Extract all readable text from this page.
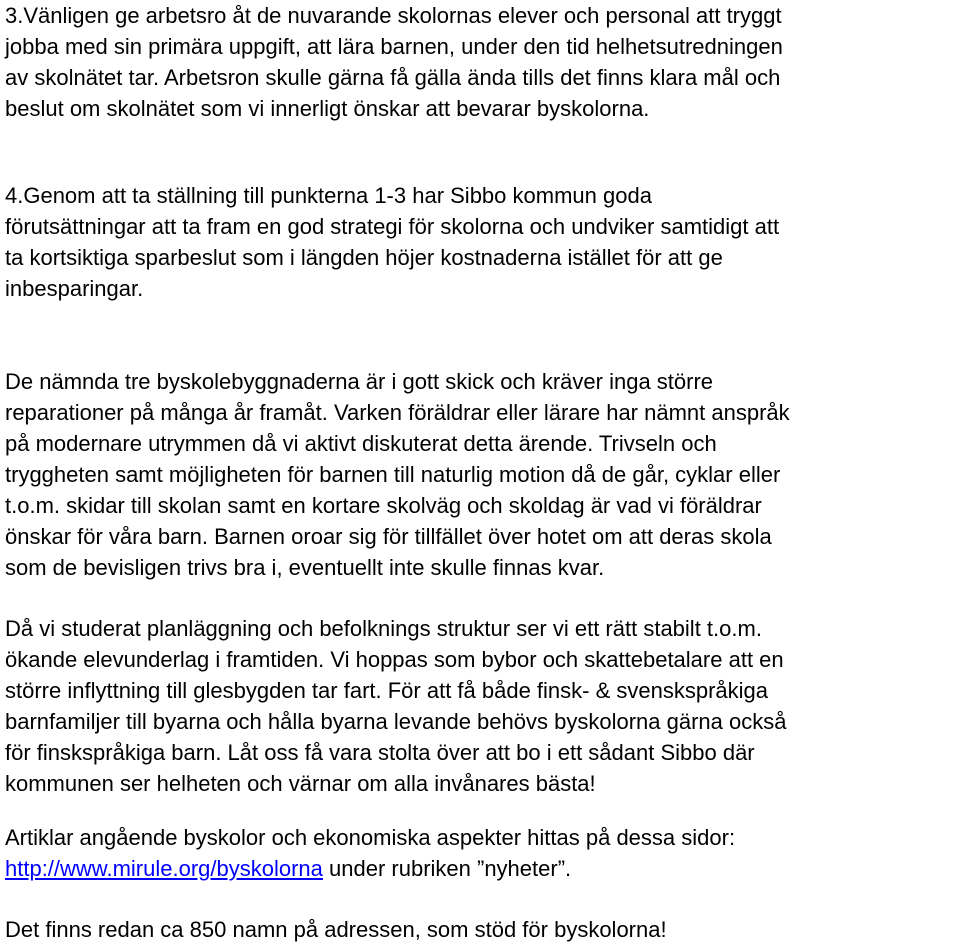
3.Vänligen ge arbetsro åt de nuvarande skolornas elever och personal att tryggt
jobba med sin primära uppgift, att lära barnen, under den tid helhetsutredningen
av skolnätet tar. Arbetsron skulle gärna få gälla ända tills det finns klara mål och
beslut om skolnätet som vi innerligt önskar att bevarar byskolorna.

4.Genom att ta ställning till punkterna 1-3 har Sibbo kommun goda
förutsättningar att ta fram en god strategi för skolorna och undviker samtidigt att
ta kortsiktiga sparbeslut som i längden höjer kostnaderna istället för att ge
inbesparingar.

De nämnda tre byskolebyggnaderna är i gott skick och kräver inga större
reparationer på många år framåt. Varken föräldrar eller lärare har nämnt anspråk
på modernare utrymmen då vi aktivt diskuterat detta ärende. Trivseln och
tryggheten samt möjligheten för barnen till naturlig motion då de går, cyklar eller
t.o.m. skidar till skolan samt en kortare skolväg och skoldag är vad vi föräldrar
önskar för våra barn. Barnen oroar sig för tillfället över hotet om att deras skola
som de bevisligen trivs bra i, eventuellt inte skulle finnas kvar.

Då vi studerat planläggning och befolknings struktur ser vi ett rätt stabilt t.o.m.
ökande elevunderlag i framtiden. Vi hoppas som bybor och skattebetalare att en
större inflyttning till glesbygden tar fart. För att få både finsk- & svenskspråkiga
barnfamiljer till byarna och hålla byarna levande behövs byskolorna gärna också
för finskspråkiga barn. Låt oss få vara stolta över att bo i ett sådant Sibbo där
kommunen ser helheten och värnar om alla invånares bästa!

Artiklar angående byskolor och ekonomiska aspekter hittas på dessa sidor:
http://www.mirule.org/byskolorna under rubriken ”nyheter”.

Det finns redan ca 850 namn på adressen, som stöd för byskolorna!
